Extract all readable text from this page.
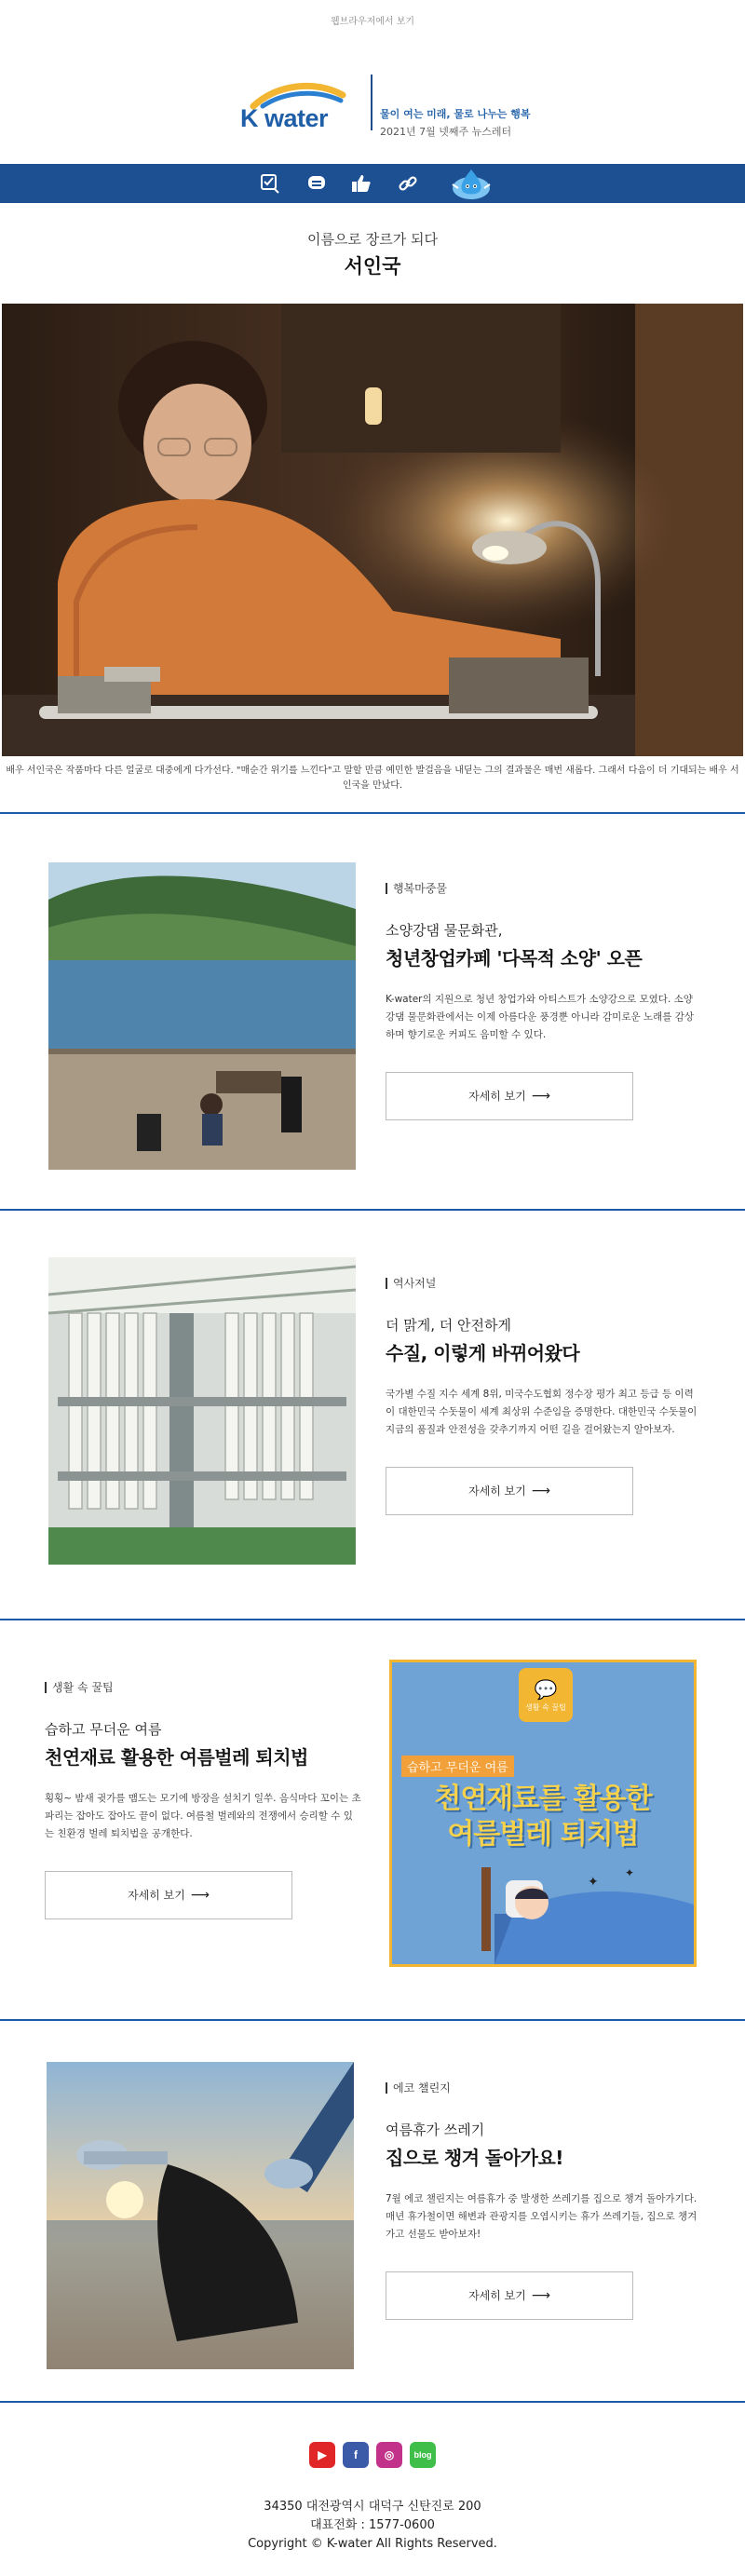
웹브라우저에서 보기
K water	물이 여는 미래, 물로 나누는 행복
2021년 7월 넷째주 뉴스레터
이름으로 장르가 되다
서인국
배우 서인국은 작품마다 다른 얼굴로 대중에게 다가선다. "매순간 위기를 느낀다"고 말할 만큼 예민한 발걸음을 내딛는 그의 결과물은 매번 새롭다. 그래서 다음이 더 기대되는 배우 서인국을 만났다.
행복마중물
소양강댐 물문화관,
청년창업카페 '다목적 소양' 오픈
K-water의 지원으로 청년 창업가와 아티스트가 소양강으로 모였다. 소양강댐 물문화관에서는 이제 아름다운 풍경뿐 아니라 감미로운 노래를 감상하며 향기로운 커피도 음미할 수 있다.
자세히 보기 ⟶
역사저널
더 맑게, 더 안전하게
수질, 이렇게 바뀌어왔다
국가별 수질 지수 세계 8위, 미국수도협회 정수장 평가 최고 등급 등 이력이 대한민국 수돗물이 세계 최상위 수준임을 증명한다. 대한민국 수돗물이 지금의 품질과 안전성을 갖추기까지 어떤 길을 걸어왔는지 알아보자.
자세히 보기 ⟶
생활 속 꿀팁
습하고 무더운 여름
천연재료 활용한 여름벌레 퇴치법
횡횡~ 밤새 귓가를 맴도는 모기에 방장을 설치기 일쑤. 음식마다 꼬이는 초파리는 잡아도 잡아도 끝이 없다. 여름철 벌레와의 전쟁에서 승리할 수 있는 친환경 벌레 퇴치법을 공개한다.
자세히 보기 ⟶
💬
생활 속 꿀팁
습하고 무더운 여름
천연재료를 활용한
여름벌레 퇴치법
✦
✦
에코 챌린지
여름휴가 쓰레기
집으로 챙겨 돌아가요!
7월 에코 챌린지는 여름휴가 중 발생한 쓰레기를 집으로 챙겨 돌아가기다. 매년 휴가철이면 해변과 관광지를 오염시키는 휴가 쓰레기들, 집으로 챙겨가고 선물도 받아보자!
자세히 보기 ⟶
▶	f	◎	blog
34350 대전광역시 대덕구 신탄진로 200
대표전화 : 1577-0600
Copyright © K-water All Rights Reserved.
